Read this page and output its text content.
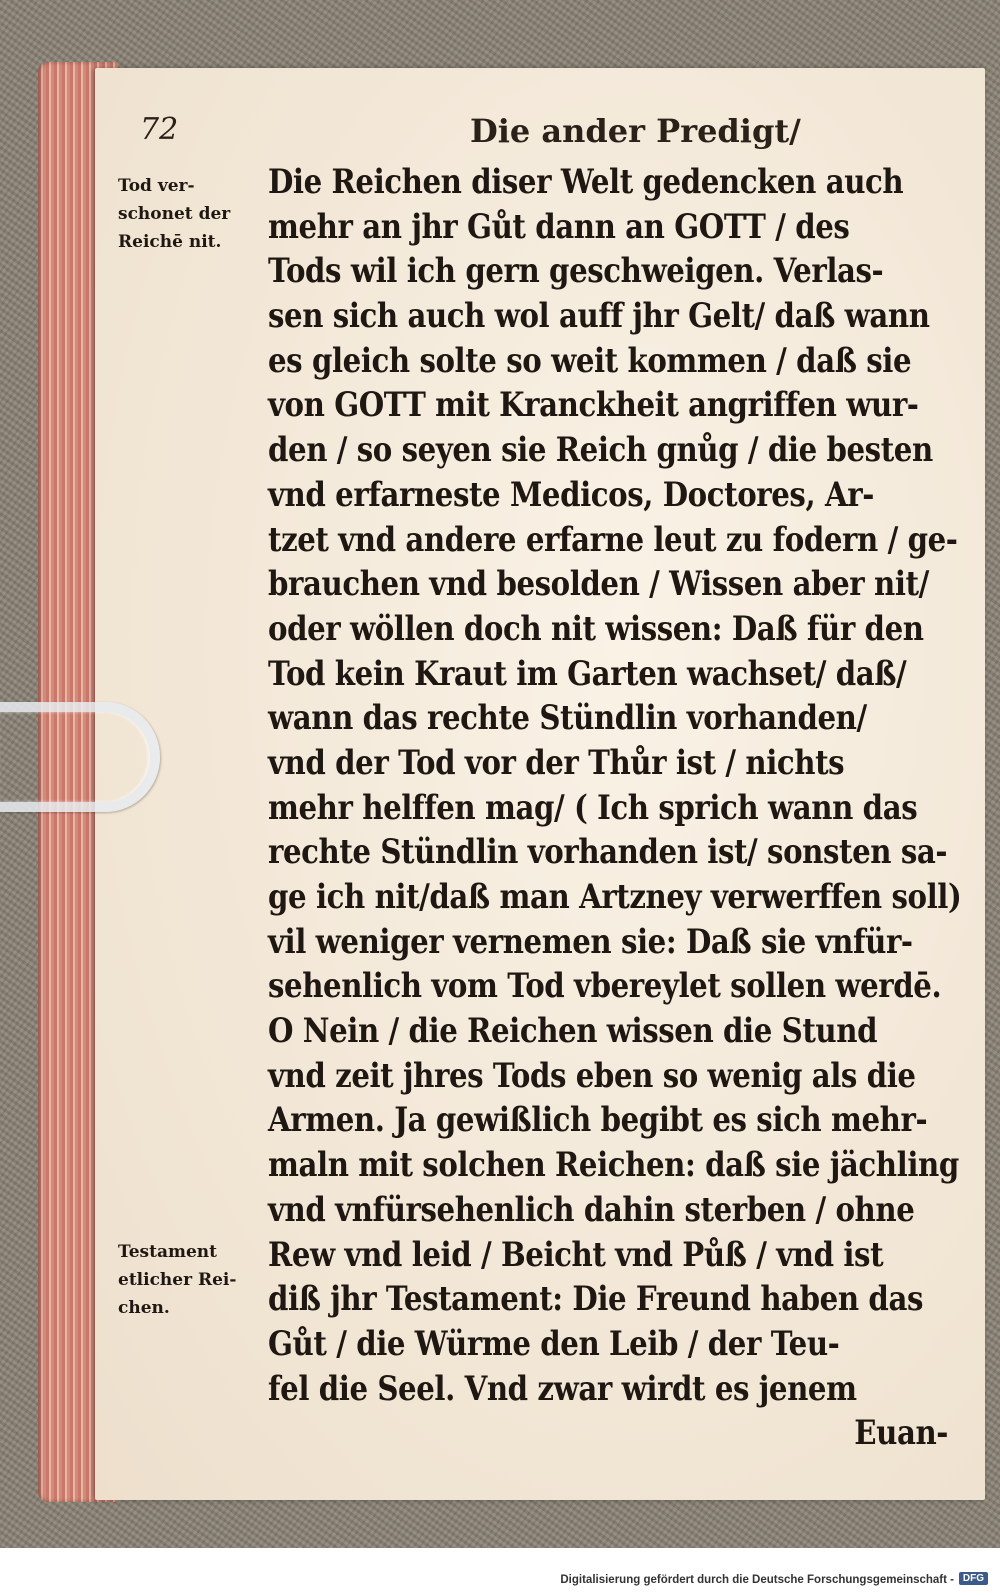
72	Die ander Predigt/
Tod ver-
schonet der
Reichē nit.
Testament
etlicher Rei-
chen.
Die Reichen diser Welt gedencken auch
mehr an jhr Gůt dann an GOTT / des
Tods wil ich gern geschweigen. Verlas-
sen sich auch wol auff jhr Gelt/ daß wann
es gleich solte so weit kommen / daß sie
von GOTT mit Kranckheit angriffen wur-
den / so seyen sie Reich gnůg / die besten
vnd erfarneste Medicos, Doctores, Ar-
tzet vnd andere erfarne leut zu fodern / ge-
brauchen vnd besolden / Wissen aber nit/
oder wöllen doch nit wissen: Daß für den
Tod kein Kraut im Garten wachset/ daß/
wann das rechte Stündlin vorhanden/
vnd der Tod vor der Thůr ist / nichts
mehr helffen mag/ ( Ich sprich wann das
rechte Stündlin vorhanden ist/ sonsten sa-
ge ich nit/daß man Artzney verwerffen soll)
vil weniger vernemen sie: Daß sie vnfür-
sehenlich vom Tod vbereylet sollen werdē.
O Nein / die Reichen wissen die Stund
vnd zeit jhres Tods eben so wenig als die
Armen. Ja gewißlich begibt es sich mehr-
maln mit solchen Reichen: daß sie jächling
vnd vnfürsehenlich dahin sterben / ohne
Rew vnd leid / Beicht vnd Půß / vnd ist
diß jhr Testament: Die Freund haben das
Gůt / die Würme den Leib / der Teu-
fel die Seel. Vnd zwar wirdt es jenem
Euan-
Digitalisierung gefördert durch die Deutsche Forschungsgemeinschaft - DFG
